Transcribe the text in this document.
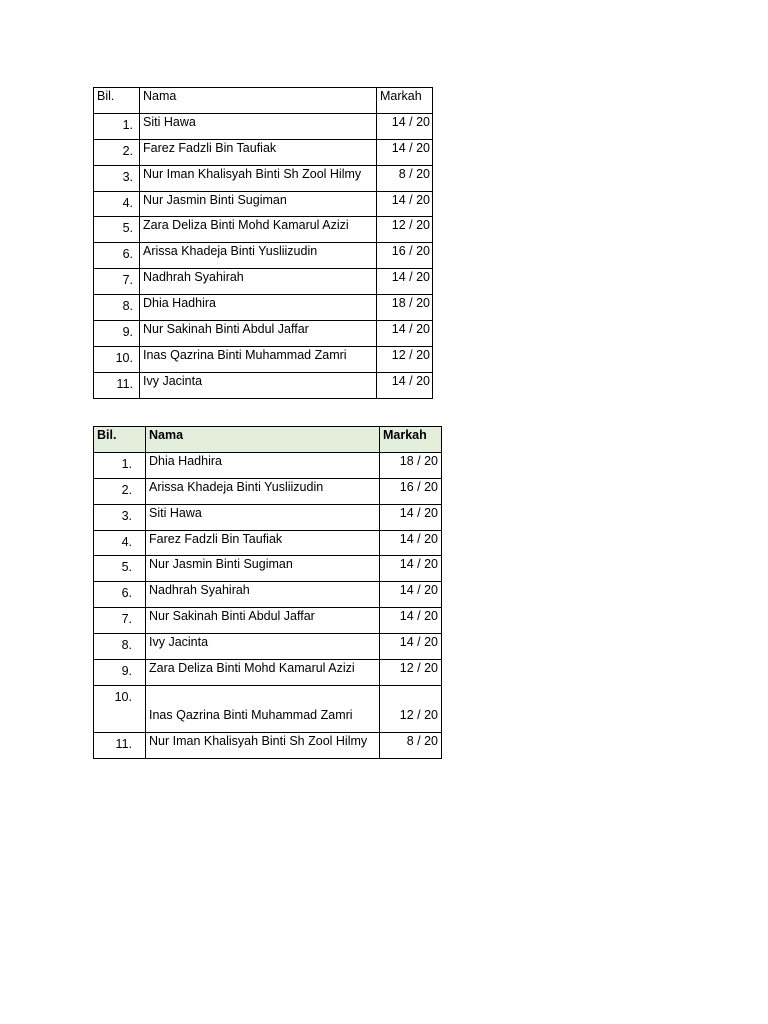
Bil.	Nama	Markah
1.	Siti Hawa	14 / 20
2.	Farez Fadzli Bin Taufiak	14 / 20
3.	Nur Iman Khalisyah Binti Sh Zool Hilmy	8 / 20
4.	Nur Jasmin Binti Sugiman	14 / 20
5.	Zara Deliza Binti Mohd Kamarul Azizi	12 / 20
6.	Arissa Khadeja Binti Yusliizudin	16 / 20
7.	Nadhrah Syahirah	14 / 20
8.	Dhia Hadhira	18 / 20
9.	Nur Sakinah Binti Abdul Jaffar	14 / 20
10.	Inas Qazrina Binti Muhammad Zamri	12 / 20
11.	Ivy Jacinta	14 / 20
Bil.	Nama	Markah
1.	Dhia Hadhira	18 / 20
2.	Arissa Khadeja Binti Yusliizudin	16 / 20
3.	Siti Hawa	14 / 20
4.	Farez Fadzli Bin Taufiak	14 / 20
5.	Nur Jasmin Binti Sugiman	14 / 20
6.	Nadhrah Syahirah	14 / 20
7.	Nur Sakinah Binti Abdul Jaffar	14 / 20
8.	Ivy Jacinta	14 / 20
9.	Zara Deliza Binti Mohd Kamarul Azizi	12 / 20
10.	Inas Qazrina Binti Muhammad Zamri	12 / 20
11.	Nur Iman Khalisyah Binti Sh Zool Hilmy	8 / 20
